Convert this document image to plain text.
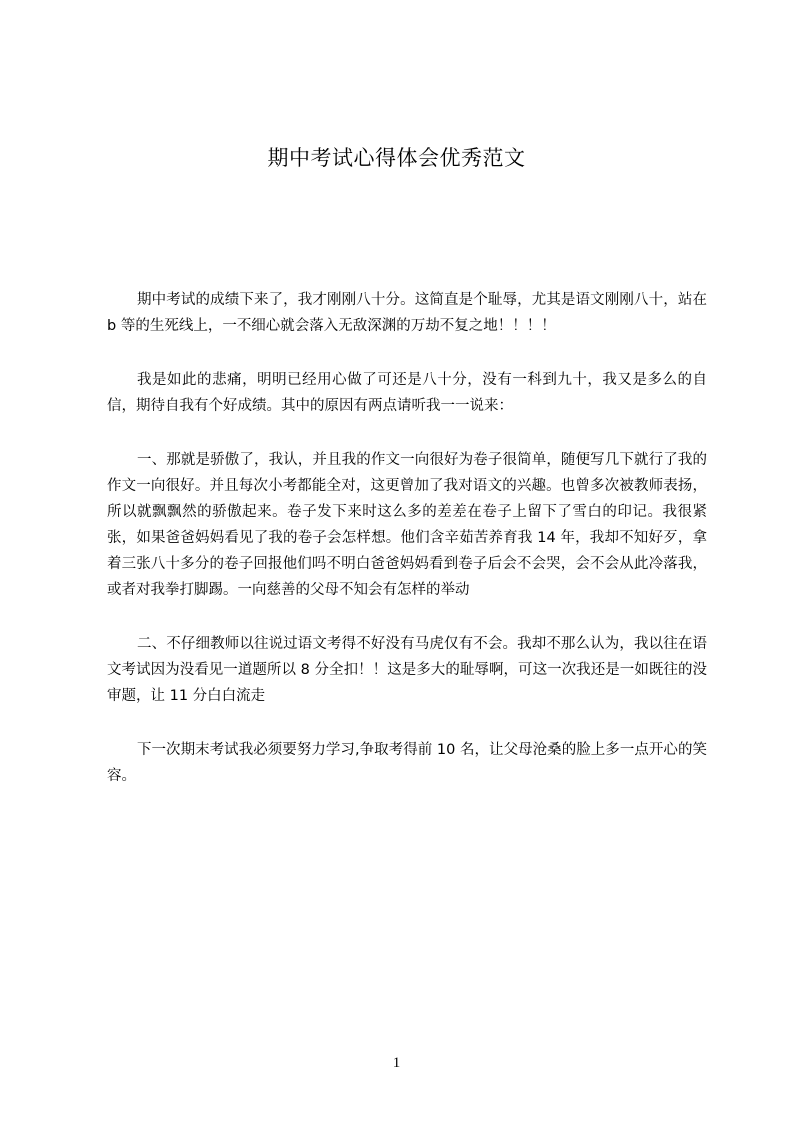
期中考试心得体会优秀范文

期中考试的成绩下来了，我才刚刚八十分。这简直是个耻辱，尤其是语文刚刚八十，站在 b 等的生死线上，一不细心就会落入无敌深渊的万劫不复之地！！！！

我是如此的悲痛，明明已经用心做了可还是八十分，没有一科到九十，我又是多么的自信，期待自我有个好成绩。其中的原因有两点请听我一一说来：

一、那就是骄傲了，我认，并且我的作文一向很好为卷子很简单，随便写几下就行了我的作文一向很好。并且每次小考都能全对，这更曾加了我对语文的兴趣。也曾多次被教师表扬，所以就飘飘然的骄傲起来。卷子发下来时这么多的差差在卷子上留下了雪白的印记。我很紧张，如果爸爸妈妈看见了我的卷子会怎样想。他们含辛茹苦养育我 14 年，我却不知好歹，拿着三张八十多分的卷子回报他们吗不明白爸爸妈妈看到卷子后会不会哭，会不会从此冷落我，或者对我拳打脚踢。一向慈善的父母不知会有怎样的举动

二、不仔细教师以往说过语文考得不好没有马虎仅有不会。我却不那么认为，我以往在语文考试因为没看见一道题所以 8 分全扣！！这是多大的耻辱啊，可这一次我还是一如既往的没审题，让 11 分白白流走

下一次期末考试我必须要努力学习,争取考得前 10 名，让父母沧桑的脸上多一点开心的笑容。

1
